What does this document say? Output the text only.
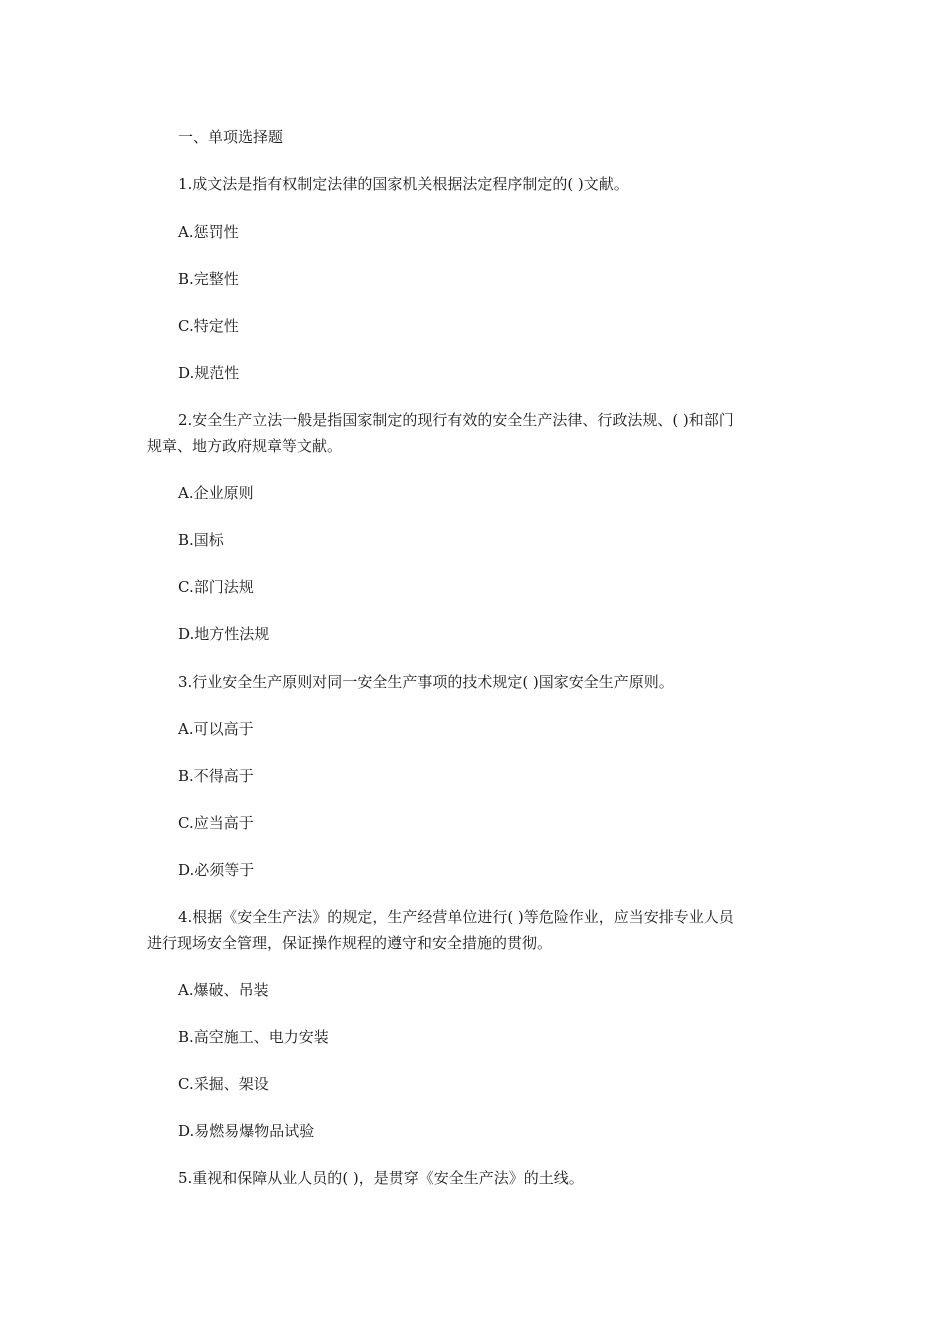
一、单项选择题
1.成文法是指有权制定法律的国家机关根据法定程序制定的( )文献。
A.惩罚性
B.完整性
C.特定性
D.规范性
2.安全生产立法一般是指国家制定的现行有效的安全生产法律、行政法规、( )和部门
规章、地方政府规章等文献。
A.企业原则
B.国标
C.部门法规
D.地方性法规
3.行业安全生产原则对同一安全生产事项的技术规定( )国家安全生产原则。
A.可以高于
B.不得高于
C.应当高于
D.必须等于
4.根据《安全生产法》的规定，生产经营单位进行( )等危险作业，应当安排专业人员
进行现场安全管理，保证操作规程的遵守和安全措施的贯彻。
A.爆破、吊装
B.高空施工、电力安装
C.采掘、架设
D.易燃易爆物品试验
5.重视和保障从业人员的( )，是贯穿《安全生产法》的土线。
